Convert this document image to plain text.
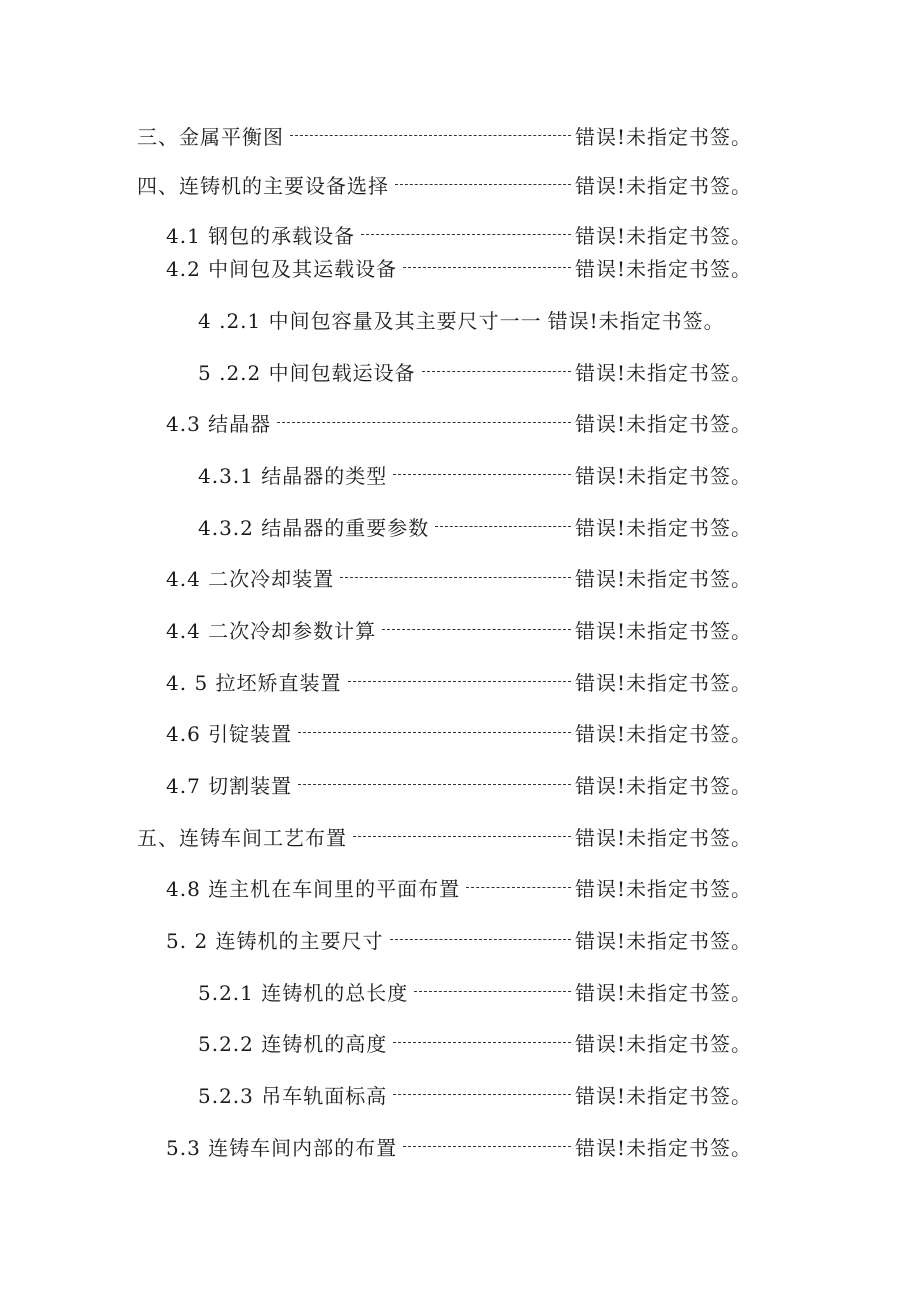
三、金属平衡图	错误!未指定书签。
四、连铸机的主要设备选择	错误!未指定书签。
4.1 钢包的承载设备	错误!未指定书签。
4.2 中间包及其运载设备	错误!未指定书签。
4 .2.1 中间包容量及其主要尺寸一一 错误!未指定书签。
5 .2.2 中间包载运设备	错误!未指定书签。
4.3 结晶器	错误!未指定书签。
4.3.1 结晶器的类型	错误!未指定书签。
4.3.2 结晶器的重要参数	错误!未指定书签。
4.4 二次冷却装置	错误!未指定书签。
4.4 二次冷却参数计算	错误!未指定书签。
4. 5 拉坯矫直装置	错误!未指定书签。
4.6 引锭装置	错误!未指定书签。
4.7 切割装置	错误!未指定书签。
五、连铸车间工艺布置	错误!未指定书签。
4.8 连主机在车间里的平面布置	错误!未指定书签。
5. 2 连铸机的主要尺寸	错误!未指定书签。
5.2.1 连铸机的总长度	错误!未指定书签。
5.2.2 连铸机的高度	错误!未指定书签。
5.2.3 吊车轨面标高	错误!未指定书签。
5.3 连铸车间内部的布置	错误!未指定书签。
